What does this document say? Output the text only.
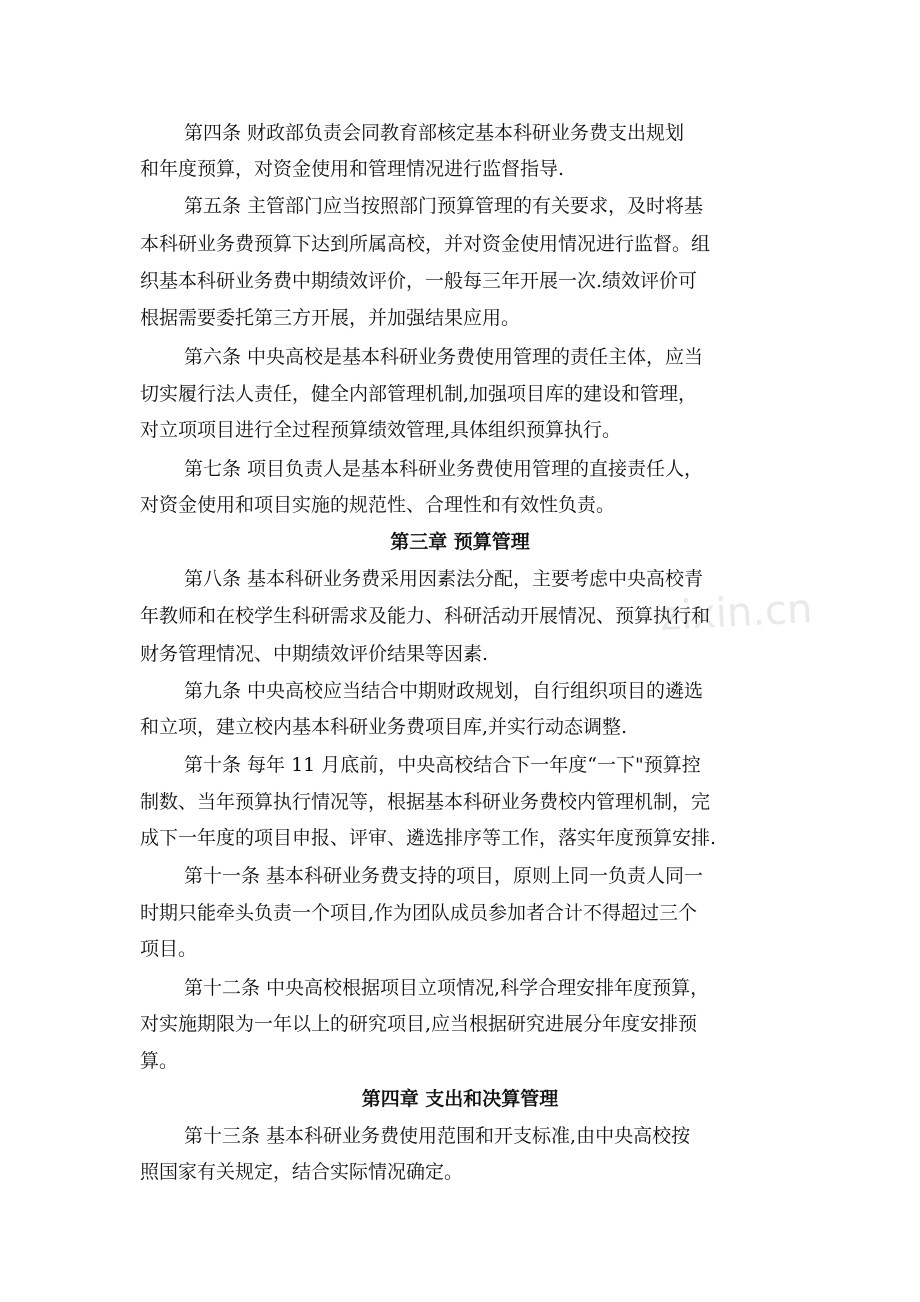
zixin.cn
第四条 财政部负责会同教育部核定基本科研业务费支出规划
和年度预算，对资金使用和管理情况进行监督指导.
第五条 主管部门应当按照部门预算管理的有关要求，及时将基
本科研业务费预算下达到所属高校，并对资金使用情况进行监督。组
织基本科研业务费中期绩效评价，一般每三年开展一次.绩效评价可
根据需要委托第三方开展，并加强结果应用。
第六条 中央高校是基本科研业务费使用管理的责任主体，应当
切实履行法人责任，健全内部管理机制,加强项目库的建设和管理，
对立项项目进行全过程预算绩效管理,具体组织预算执行。
第七条 项目负责人是基本科研业务费使用管理的直接责任人，
对资金使用和项目实施的规范性、合理性和有效性负责。
第三章 预算管理
第八条 基本科研业务费采用因素法分配，主要考虑中央高校青
年教师和在校学生科研需求及能力、科研活动开展情况、预算执行和
财务管理情况、中期绩效评价结果等因素.
第九条 中央高校应当结合中期财政规划，自行组织项目的遴选
和立项，建立校内基本科研业务费项目库,并实行动态调整.
第十条 每年 11 月底前，中央高校结合下一年度“一下"预算控
制数、当年预算执行情况等，根据基本科研业务费校内管理机制，完
成下一年度的项目申报、评审、遴选排序等工作，落实年度预算安排.
第十一条 基本科研业务费支持的项目，原则上同一负责人同一
时期只能牵头负责一个项目,作为团队成员参加者合计不得超过三个
项目。
第十二条 中央高校根据项目立项情况,科学合理安排年度预算，
对实施期限为一年以上的研究项目,应当根据研究进展分年度安排预
算。
第四章 支出和决算管理
第十三条 基本科研业务费使用范围和开支标准,由中央高校按
照国家有关规定，结合实际情况确定。
